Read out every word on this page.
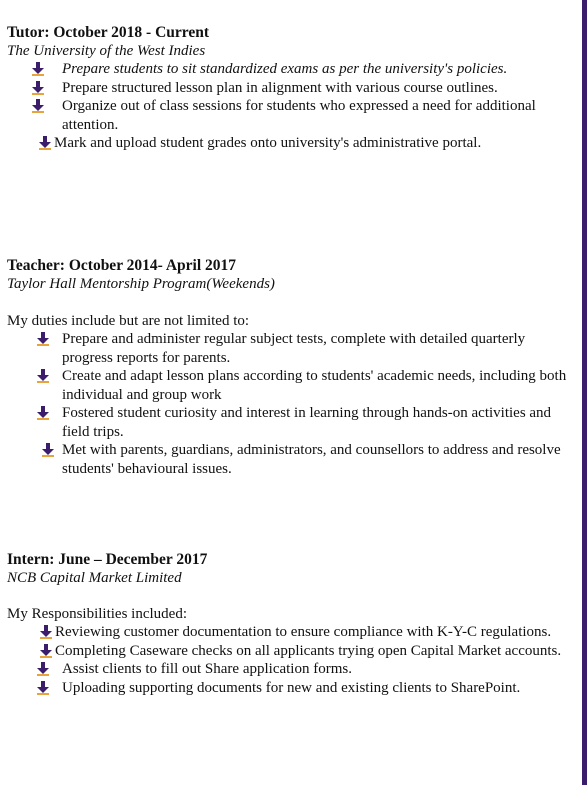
Tutor: October 2018 - Current

The University of the West Indies

Prepare students to sit standardized exams as per the university's policies.
Prepare structured lesson plan in alignment with various course outlines.
Organize out of class sessions for students who expressed a need for additional attention.
Mark and upload student grades onto university's administrative portal.

Teacher: October 2014- April 2017

Taylor Hall Mentorship Program(Weekends)

My duties include but are not limited to:

Prepare and administer regular subject tests, complete with detailed quarterly progress reports for parents.
Create and adapt lesson plans according to students' academic needs, including both individual and group work
Fostered student curiosity and interest in learning through hands-on activities and field trips.
Met with parents, guardians, administrators, and counsellors to address and resolve students' behavioural issues.

Intern: June – December 2017

NCB Capital Market Limited

My Responsibilities included:

Reviewing customer documentation to ensure compliance with K-Y-C regulations.
Completing Caseware checks on all applicants trying open Capital Market accounts.
Assist clients to fill out Share application forms.
Uploading supporting documents for new and existing clients to SharePoint.
